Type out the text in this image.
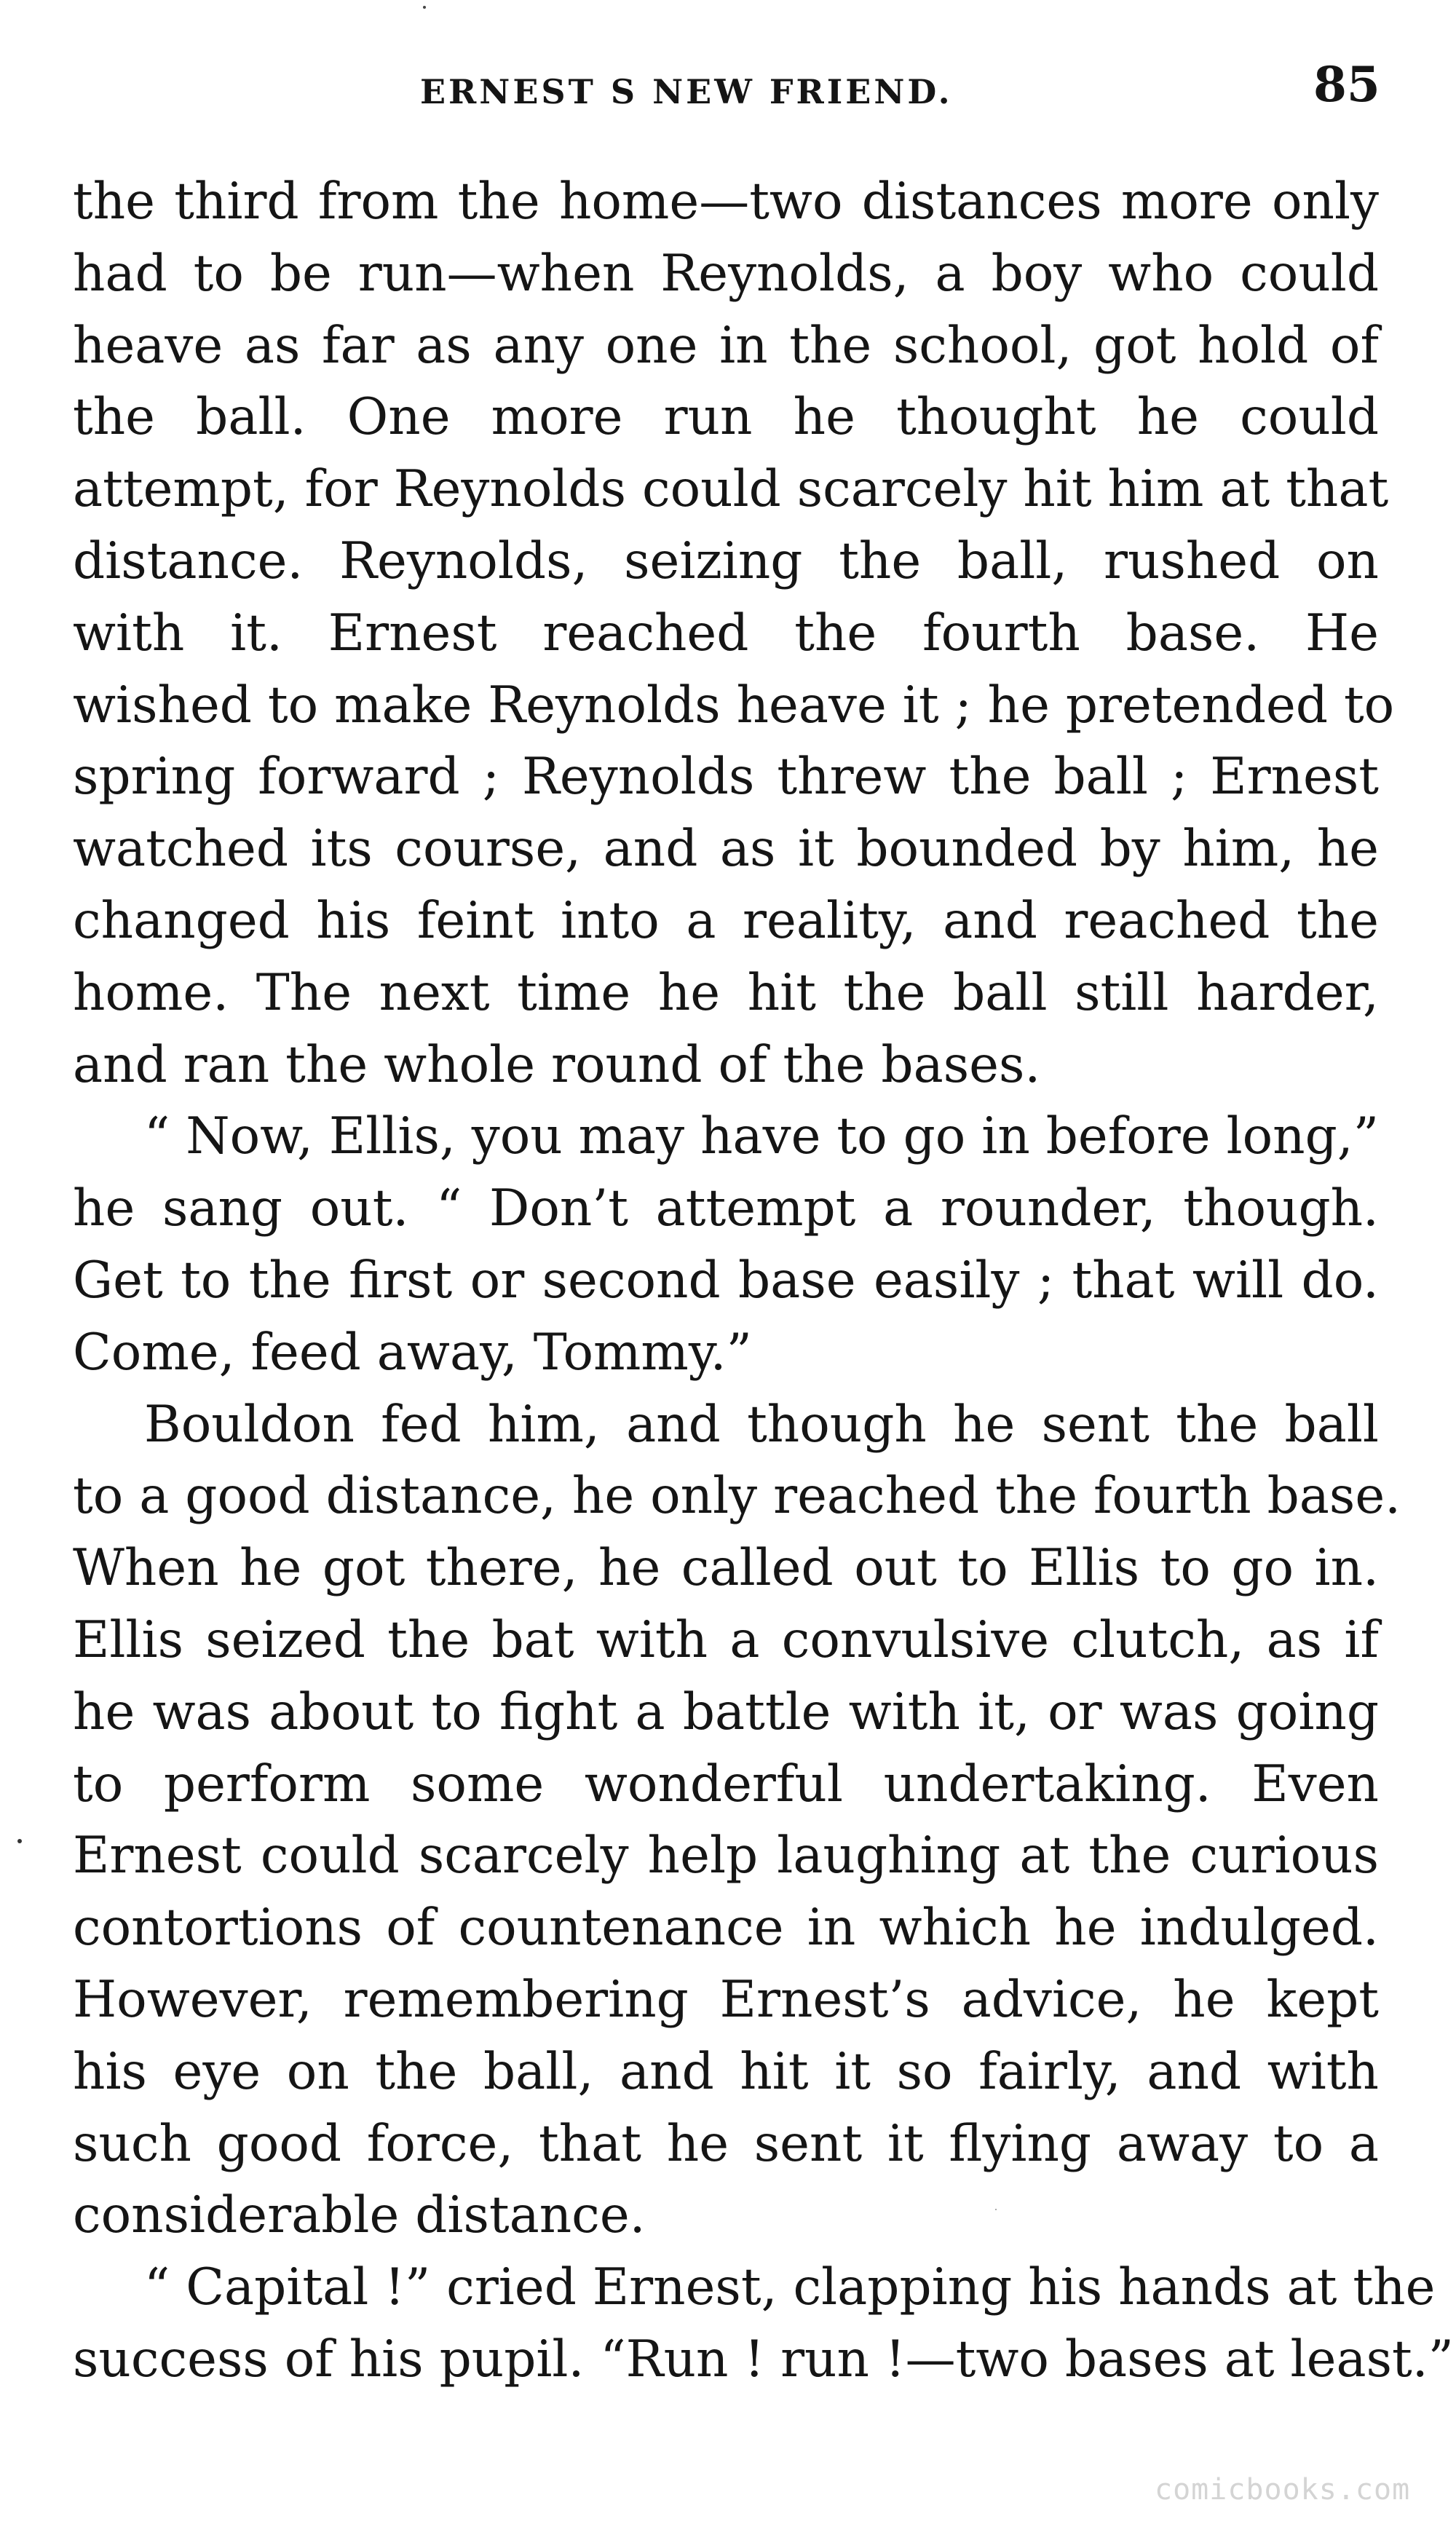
ERNEST S NEW FRIEND.	85
the third from the home—two distances more only
had to be run—when Reynolds, a boy who could
heave as far as any one in the school, got hold of
the ball. One more run he thought he could
attempt, for Reynolds could scarcely hit him at that
distance. Reynolds, seizing the ball, rushed on
with it. Ernest reached the fourth base. He
wished to make Reynolds heave it ; he pretended to
spring forward ; Reynolds threw the ball ; Ernest
watched its course, and as it bounded by him, he
changed his feint into a reality, and reached the
home. The next time he hit the ball still harder,
and ran the whole round of the bases.
“ Now, Ellis, you may have to go in before long,”
he sang out. “ Don’t attempt a rounder, though.
Get to the first or second base easily ; that will do.
Come, feed away, Tommy.”
Bouldon fed him, and though he sent the ball
to a good distance, he only reached the fourth base.
When he got there, he called out to Ellis to go in.
Ellis seized the bat with a convulsive clutch, as if
he was about to fight a battle with it, or was going
to perform some wonderful undertaking. Even
Ernest could scarcely help laughing at the curious
contortions of countenance in which he indulged.
However, remembering Ernest’s advice, he kept
his eye on the ball, and hit it so fairly, and with
such good force, that he sent it flying away to a
considerable distance.
“ Capital !” cried Ernest, clapping his hands at the
success of his pupil. “Run ! run !—two bases at least.”
comicbooks.com
